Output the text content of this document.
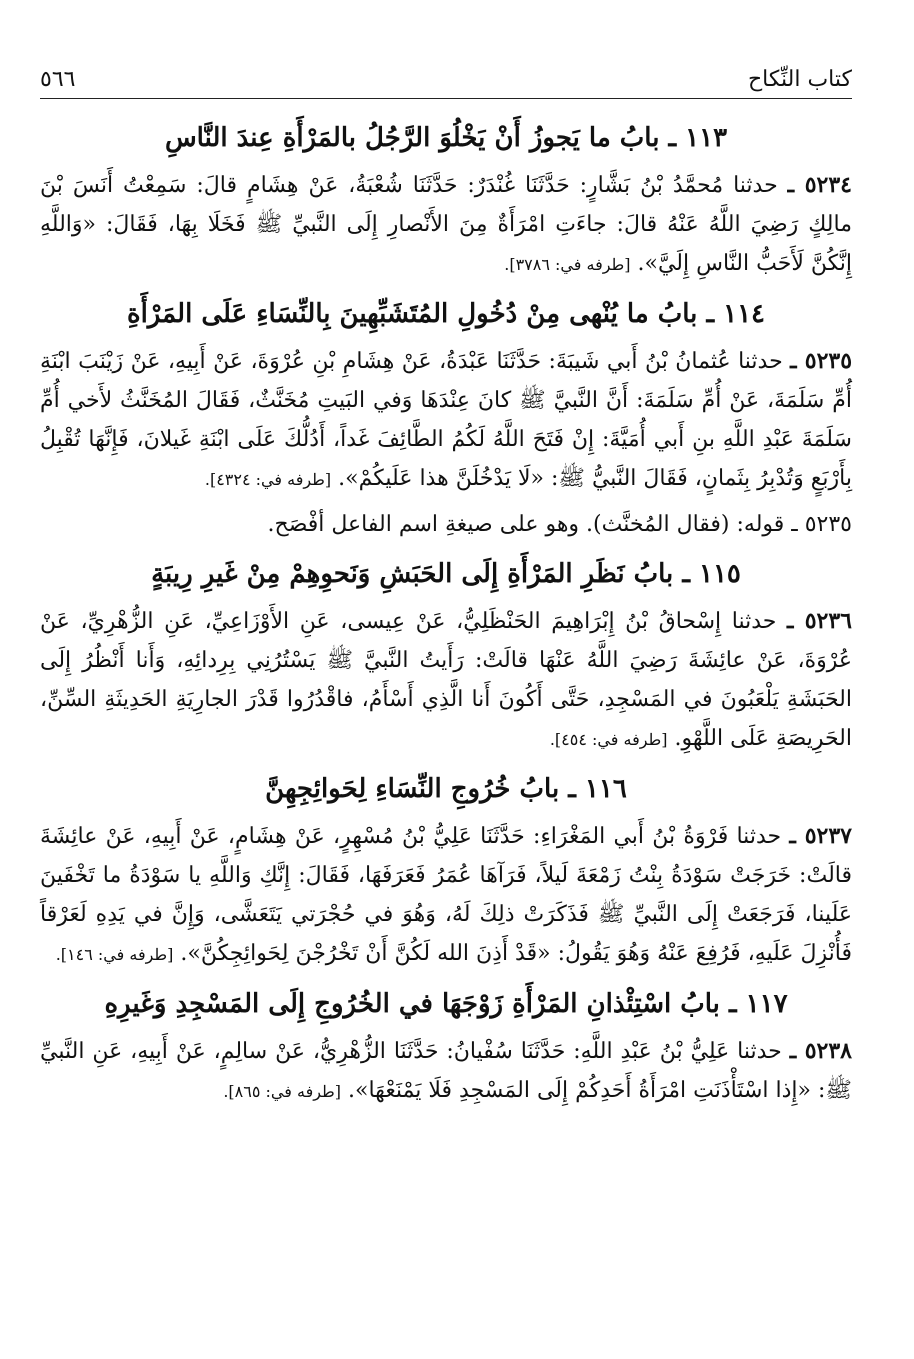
كتاب النِّكاح
٥٦٦
١١٣ ـ بابُ ما يَجوزُ أَنْ يَخْلُوَ الرَّجُلُ بالمَرْأَةِ عِندَ النَّاسِ

٥٢٣٤ ـ حدثنا مُحمَّدُ بْنُ بَشَّارٍ: حَدَّثَنَا غُنْدَرٌ: حَدَّثَنَا شُعْبَةُ، عَنْ هِشَامٍ قالَ: سَمِعْتُ أَنَسَ بْنَ مالِكٍ رَضِيَ اللَّهُ عَنْهُ قالَ: جاءَتِ امْرَأَةٌ مِنَ الأَنْصارِ إِلَى النَّبيِّ ﷺ فَخَلَا بِهَا، فَقَالَ: «وَاللَّهِ إِنَّكُنَّ لَأَحَبُّ النَّاسِ إِلَيَّ». [طرفه في: ٣٧٨٦].

١١٤ ـ بابُ ما يُنْهى مِنْ دُخُولِ المُتَشَبِّهِينَ بِالنِّسَاءِ عَلَى المَرْأَةِ

٥٢٣٥ ـ حدثنا عُثمانُ بْنُ أَبي شَيبَةَ: حَدَّثَنَا عَبْدَةُ، عَنْ هِشَامِ بْنِ عُرْوَةَ، عَنْ أَبِيهِ، عَنْ زَيْنَبَ ابْنَةِ أُمِّ سَلَمَةَ، عَنْ أُمِّ سَلَمَةَ: أَنَّ النَّبيَّ ﷺ كانَ عِنْدَهَا وَفي البَيتِ مُخَنَّثٌ، فَقَالَ المُخَنَّثُ لأَخي أُمِّ سَلَمَةَ عَبْدِ اللَّهِ بنِ أَبي أُمَيَّةَ: إِنْ فَتَحَ اللَّهُ لَكُمُ الطَّائِفَ غَداً، أَدُلُّكَ عَلَى ابْنَةِ غَيلانَ، فَإِنَّهَا تُقْبِلُ بِأَرْبَعٍ وَتُدْبِرُ بِثَمانٍ، فَقَالَ النَّبيُّ ﷺ: «لَا يَدْخُلَنَّ هذا عَلَيكُمْ». [طرفه في: ٤٣٢٤].

٥٢٣٥ ـ قوله: (فقال المُخنَّث). وهو على صيغةِ اسم الفاعل أفْصَح.

١١٥ ـ بابُ نَظَرِ المَرْأَةِ إِلَى الحَبَشِ وَنَحوِهِمْ مِنْ غَيرِ رِيبَةٍ

٥٢٣٦ ـ حدثنا إِسْحاقُ بْنُ إِبْرَاهِيمَ الحَنْظَلِيُّ، عَنْ عِيسى، عَنِ الأَوْزَاعِيِّ، عَنِ الزُّهْرِيِّ، عَنْ عُرْوَةَ، عَنْ عائِشَةَ رَضِيَ اللَّهُ عَنْهَا قالَتْ: رَأَيتُ النَّبيَّ ﷺ يَسْتُرُنِي بِرِدائِهِ، وَأَنا أَنْظُرُ إِلَى الحَبَشَةِ يَلْعَبُونَ في المَسْجِدِ، حَتَّى أَكُونَ أَنا الَّذِي أَسْأَمُ، فاقْدُرُوا قَدْرَ الجارِيَةِ الحَدِيثَةِ السِّنِّ، الحَرِيصَةِ عَلَى اللَّهْوِ. [طرفه في: ٤٥٤].

١١٦ ـ بابُ خُرُوجِ النِّسَاءِ لِحَوائِجِهِنَّ

٥٢٣٧ ـ حدثنا فَرْوَةُ بْنُ أَبي المَغْرَاءِ: حَدَّثَنَا عَلِيُّ بْنُ مُسْهِرٍ، عَنْ هِشَامٍ، عَنْ أَبِيهِ، عَنْ عائِشَةَ قالَتْ: خَرَجَتْ سَوْدَةُ بِنْتُ زَمْعَةَ لَيلاً، فَرَآهَا عُمَرُ فَعَرَفَهَا، فَقَالَ: إِنَّكِ وَاللَّهِ يا سَوْدَةُ ما تَخْفَينَ عَلَينا، فَرَجَعَتْ إِلَى النَّبيِّ ﷺ فَذَكَرَتْ ذلِكَ لَهُ، وَهُوَ في حُجْرَتي يَتَعَشَّى، وَإِنَّ في يَدِهِ لَعَرْقاً فَأُنْزِلَ عَلَيهِ، فَرُفِعَ عَنْهُ وَهُوَ يَقُولُ: «قَدْ أَذِنَ الله لَكُنَّ أَنْ تَخْرُجْنَ لِحَوائِجِكُنَّ». [طرفه في: ١٤٦].

١١٧ ـ بابُ اسْتِئْذانِ المَرْأَةِ زَوْجَهَا في الخُرُوجِ إِلَى المَسْجِدِ وَغَيرِهِ

٥٢٣٨ ـ حدثنا عَلِيُّ بْنُ عَبْدِ اللَّهِ: حَدَّثَنَا سُفْيانُ: حَدَّثَنَا الزُّهْرِيُّ، عَنْ سالِمٍ، عَنْ أَبِيهِ، عَنِ النَّبيِّ ﷺ: «إِذا اسْتَأْذَنَتِ امْرَأَةُ أَحَدِكُمْ إِلَى المَسْجِدِ فَلَا يَمْنَعْهَا». [طرفه في: ٨٦٥].
